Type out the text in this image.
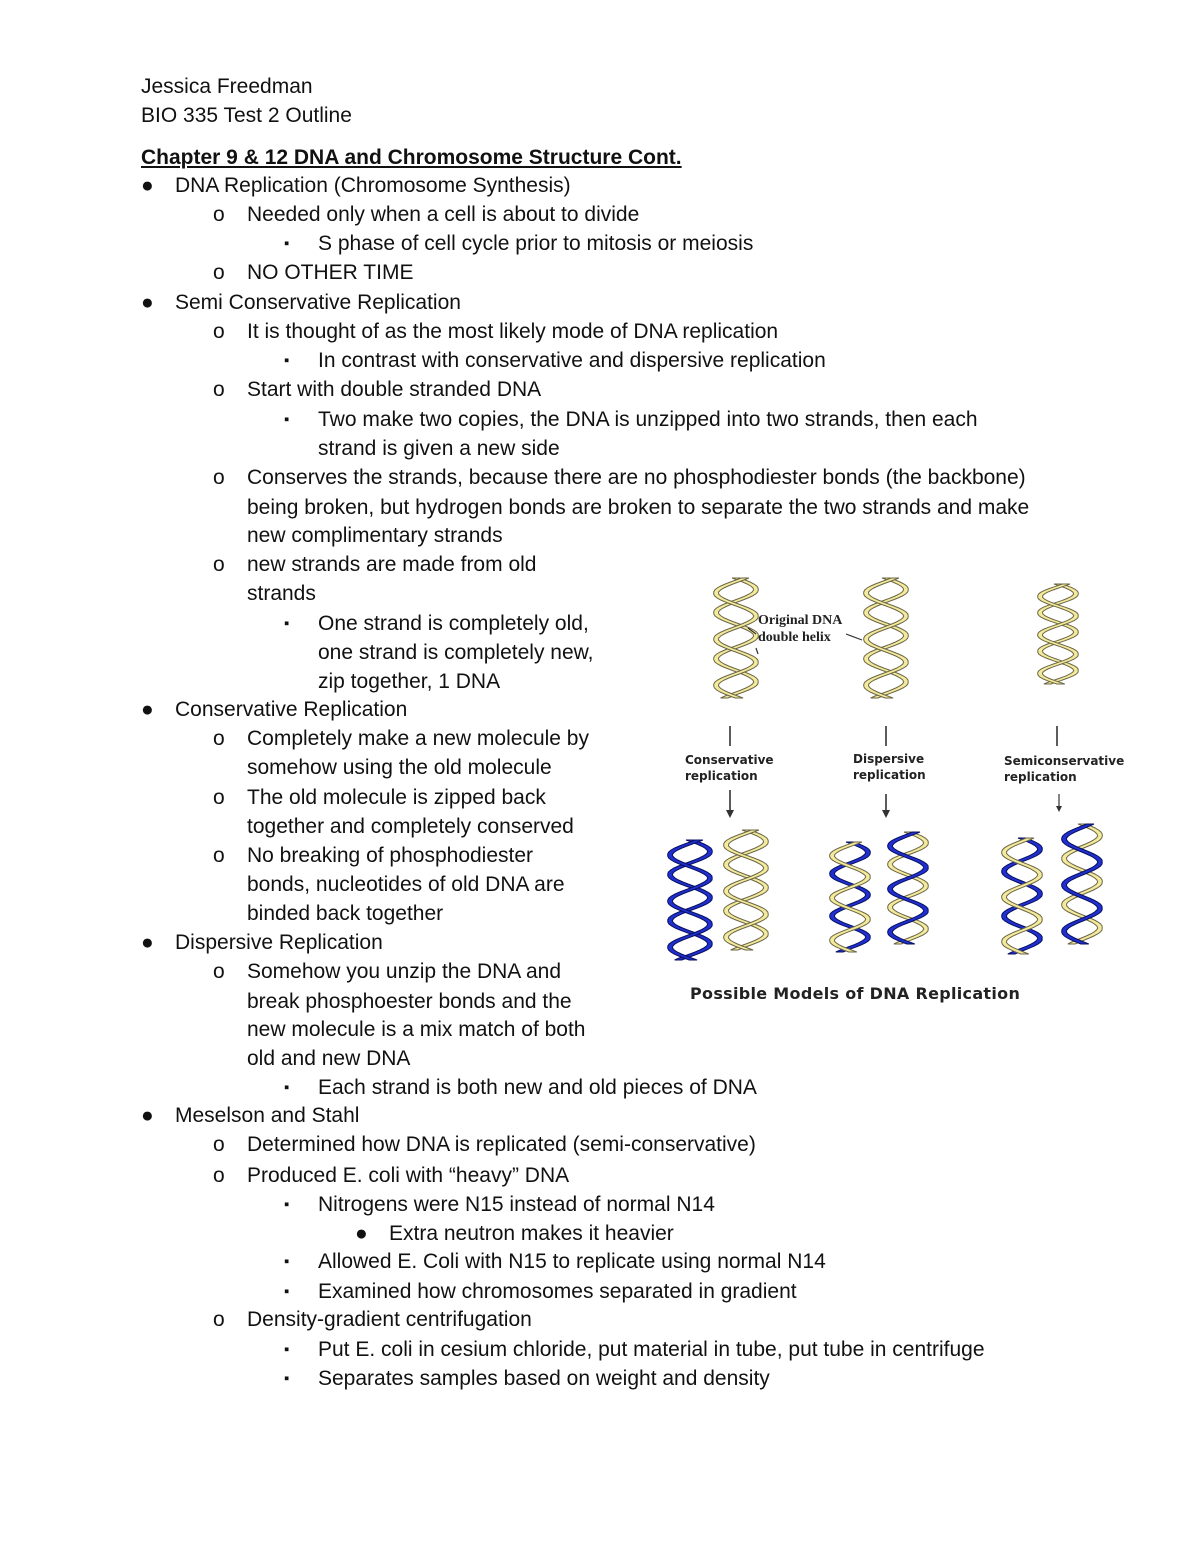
Jessica Freedman
BIO 335 Test 2 Outline
Chapter 9 & 12 DNA and Chromosome Structure Cont.
● DNA Replication (Chromosome Synthesis)
o Needed only when a cell is about to divide
▪ S phase of cell cycle prior to mitosis or meiosis
o NO OTHER TIME
● Semi Conservative Replication
o It is thought of as the most likely mode of DNA replication
▪ In contrast with conservative and dispersive replication
o Start with double stranded DNA
▪ Two make two copies, the DNA is unzipped into two strands, then each
strand is given a new side
o Conserves the strands, because there are no phosphodiester bonds (the backbone)
being broken, but hydrogen bonds are broken to separate the two strands and make
new complimentary strands
o new strands are made from old
strands
▪ One strand is completely old,
one strand is completely new,
zip together, 1 DNA
● Conservative Replication
o Completely make a new molecule by
somehow using the old molecule
o The old molecule is zipped back
together and completely conserved
o No breaking of phosphodiester
bonds, nucleotides of old DNA are
binded back together
● Dispersive Replication
o Somehow you unzip the DNA and
break phosphoester bonds and the
new molecule is a mix match of both
old and new DNA
▪ Each strand is both new and old pieces of DNA
● Meselson and Stahl
o Determined how DNA is replicated (semi-conservative)
o Produced E. coli with “heavy” DNA
▪ Nitrogens were N15 instead of normal N14
● Extra neutron makes it heavier
▪ Allowed E. Coli with N15 to replicate using normal N14
▪ Examined how chromosomes separated in gradient
o Density-gradient centrifugation
▪ Put E. coli in cesium chloride, put material in tube, put tube in centrifuge
▪ Separates samples based on weight and density
Original DNA
double helix
Conservative
replication
Dispersive
replication
Semiconservative
replication
Possible Models of DNA Replication
